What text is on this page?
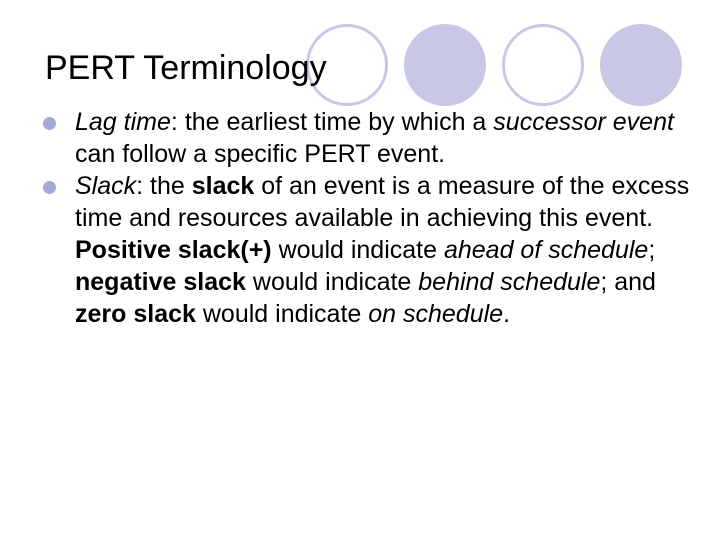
PERT Terminology
Lag time: the earliest time by which a successor event can follow a specific PERT event.
Slack: the slack of an event is a measure of the excess time and resources available in achieving this event. Positive slack(+) would indicate ahead of schedule; negative slack would indicate behind schedule; and zero slack would indicate on schedule.
